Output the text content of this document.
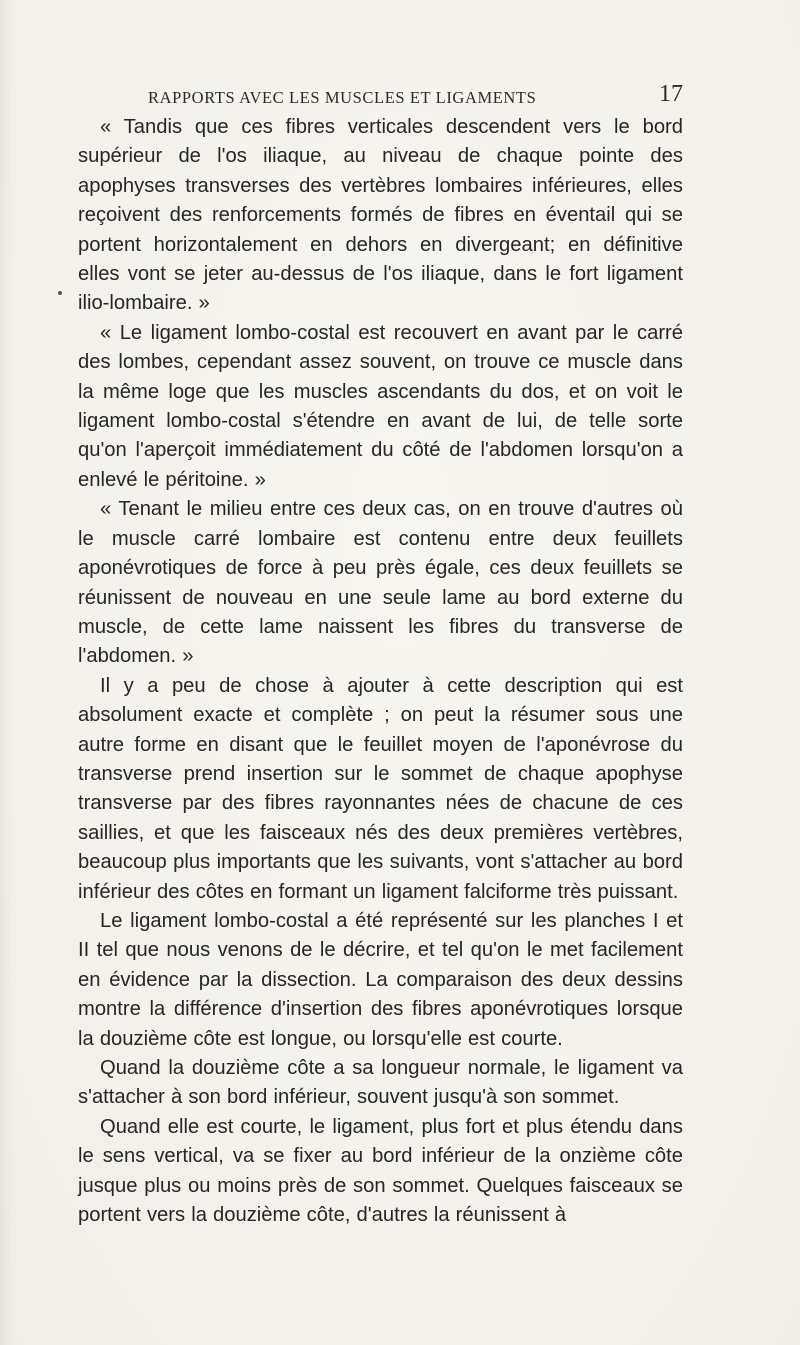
RAPPORTS AVEC LES MUSCLES ET LIGAMENTS	17

« Tandis que ces fibres verticales descendent vers le bord supérieur de l'os iliaque, au niveau de chaque pointe des apophyses transverses des vertèbres lombaires inférieures, elles reçoivent des renforcements formés de fibres en éventail qui se portent horizontalement en dehors en divergeant; en définitive elles vont se jeter au-dessus de l'os iliaque, dans le fort ligament ilio-lombaire. »

« Le ligament lombo-costal est recouvert en avant par le carré des lombes, cependant assez souvent, on trouve ce muscle dans la même loge que les muscles ascendants du dos, et on voit le ligament lombo-costal s'étendre en avant de lui, de telle sorte qu'on l'aperçoit immédiatement du côté de l'abdomen lorsqu'on a enlevé le péritoine. »

« Tenant le milieu entre ces deux cas, on en trouve d'autres où le muscle carré lombaire est contenu entre deux feuillets aponévrotiques de force à peu près égale, ces deux feuillets se réunissent de nouveau en une seule lame au bord externe du muscle, de cette lame naissent les fibres du transverse de l'abdomen. »

Il y a peu de chose à ajouter à cette description qui est absolument exacte et complète ; on peut la résumer sous une autre forme en disant que le feuillet moyen de l'aponévrose du transverse prend insertion sur le sommet de chaque apophyse transverse par des fibres rayonnantes nées de chacune de ces saillies, et que les faisceaux nés des deux premières vertèbres, beaucoup plus importants que les suivants, vont s'attacher au bord inférieur des côtes en formant un ligament falciforme très puissant.

Le ligament lombo-costal a été représenté sur les planches I et II tel que nous venons de le décrire, et tel qu'on le met facilement en évidence par la dissection. La comparaison des deux dessins montre la différence d'insertion des fibres aponévrotiques lorsque la douzième côte est longue, ou lorsqu'elle est courte.

Quand la douzième côte a sa longueur normale, le ligament va s'attacher à son bord inférieur, souvent jusqu'à son sommet.

Quand elle est courte, le ligament, plus fort et plus étendu dans le sens vertical, va se fixer au bord inférieur de la onzième côte jusque plus ou moins près de son sommet. Quelques faisceaux se portent vers la douzième côte, d'autres la réunissent à
